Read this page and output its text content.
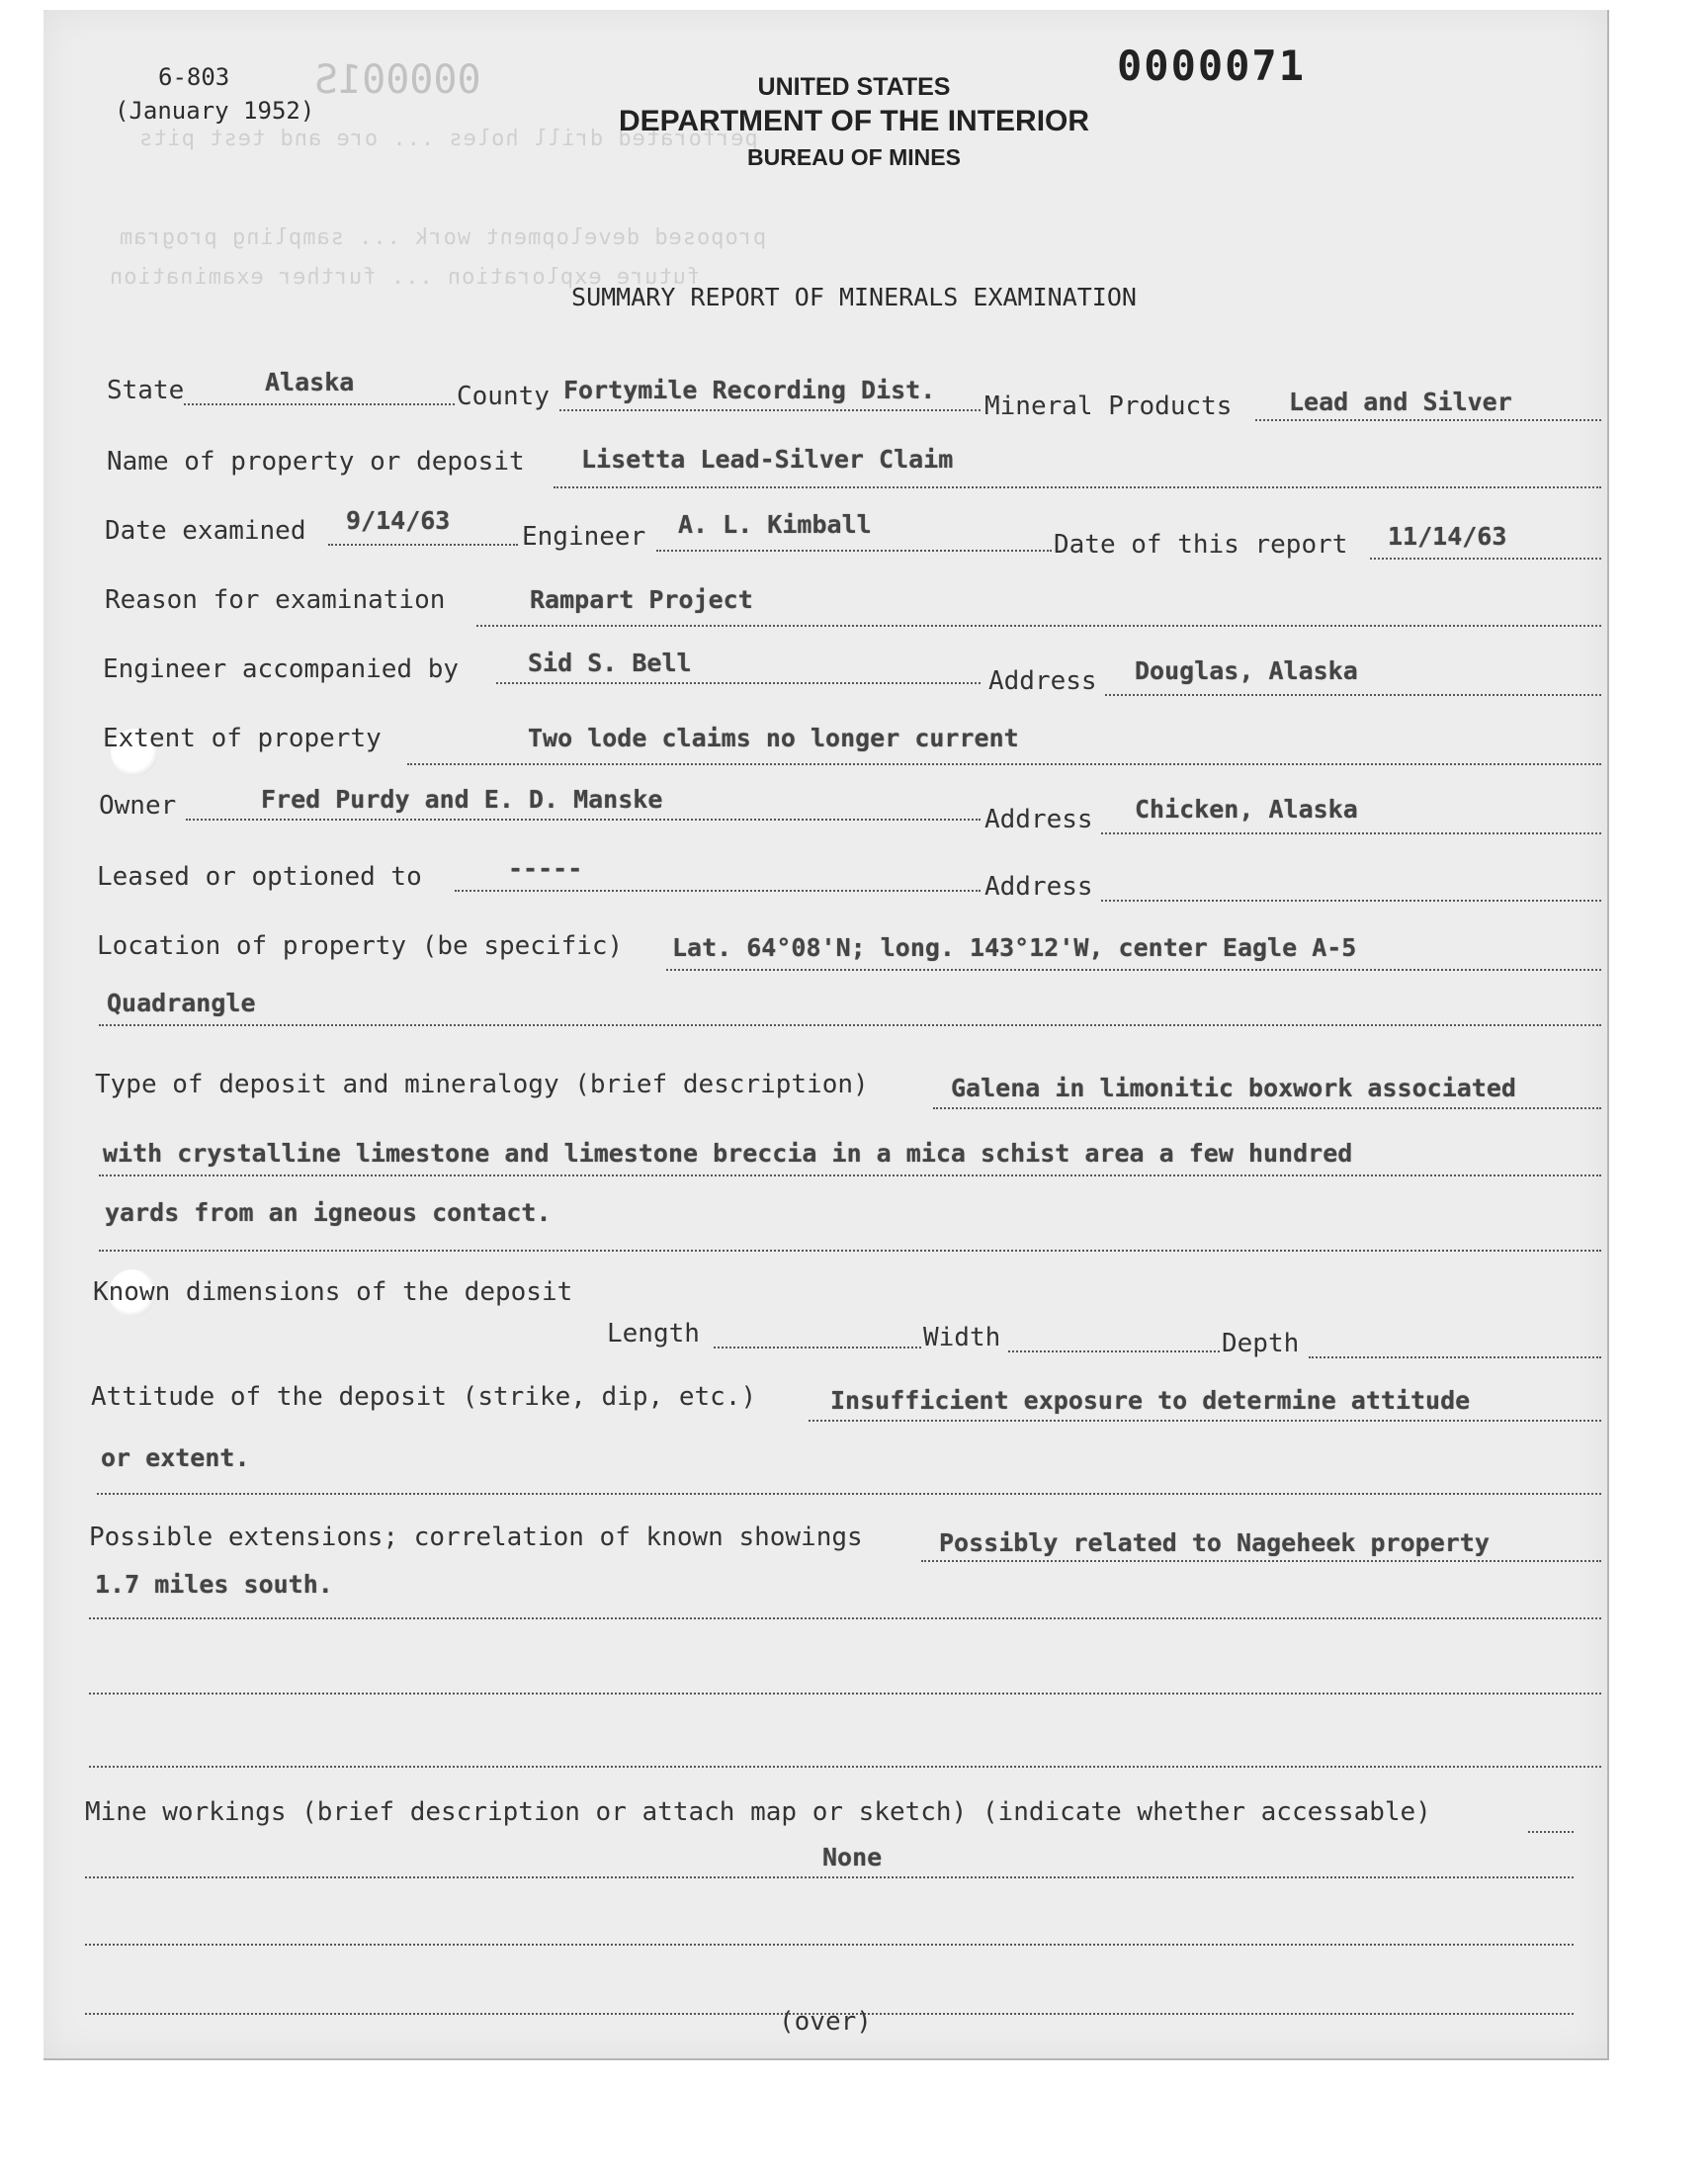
perforated drill holes ... ore and test pits
proposed development work ... sampling program
future exploration ... further examination
6-803
(January 1952)
000001S	0000071
UNITED STATES
DEPARTMENT OF THE INTERIOR
BUREAU OF MINES
SUMMARY REPORT OF MINERALS EXAMINATION
State	Alaska	County Fortymile Recording Dist.
Mineral Products Lead and Silver
Name of property or deposit Lisetta Lead-Silver Claim
Date examined 9/14/63
Engineer A. L. Kimball
Date of this report 11/14/63
Reason for examination	Rampart Project
Engineer accompanied by	Sid S. Bell
Address Douglas, Alaska
Extent of property	Two lode claims no longer current
Owner	Fred Purdy and E. D. Manske
Address Chicken, Alaska
Leased or optioned to	-----
Address
Location of property (be specific) Lat. 64°08'N; long. 143°12'W, center Eagle A-5
Quadrangle
Type of deposit and mineralogy (brief description)	Galena in limonitic boxwork associated
with crystalline limestone and limestone breccia in a mica schist area a few hundred
yards from an igneous contact.
Known dimensions of the deposit
Length	Width	Depth
Attitude of the deposit (strike, dip, etc.)	Insufficient exposure to determine attitude
or extent.
Possible extensions; correlation of known showings	Possibly related to Nageheek property
1.7 miles south.
Mine workings (brief description or attach map or sketch) (indicate whether accessable)
None
(over)
